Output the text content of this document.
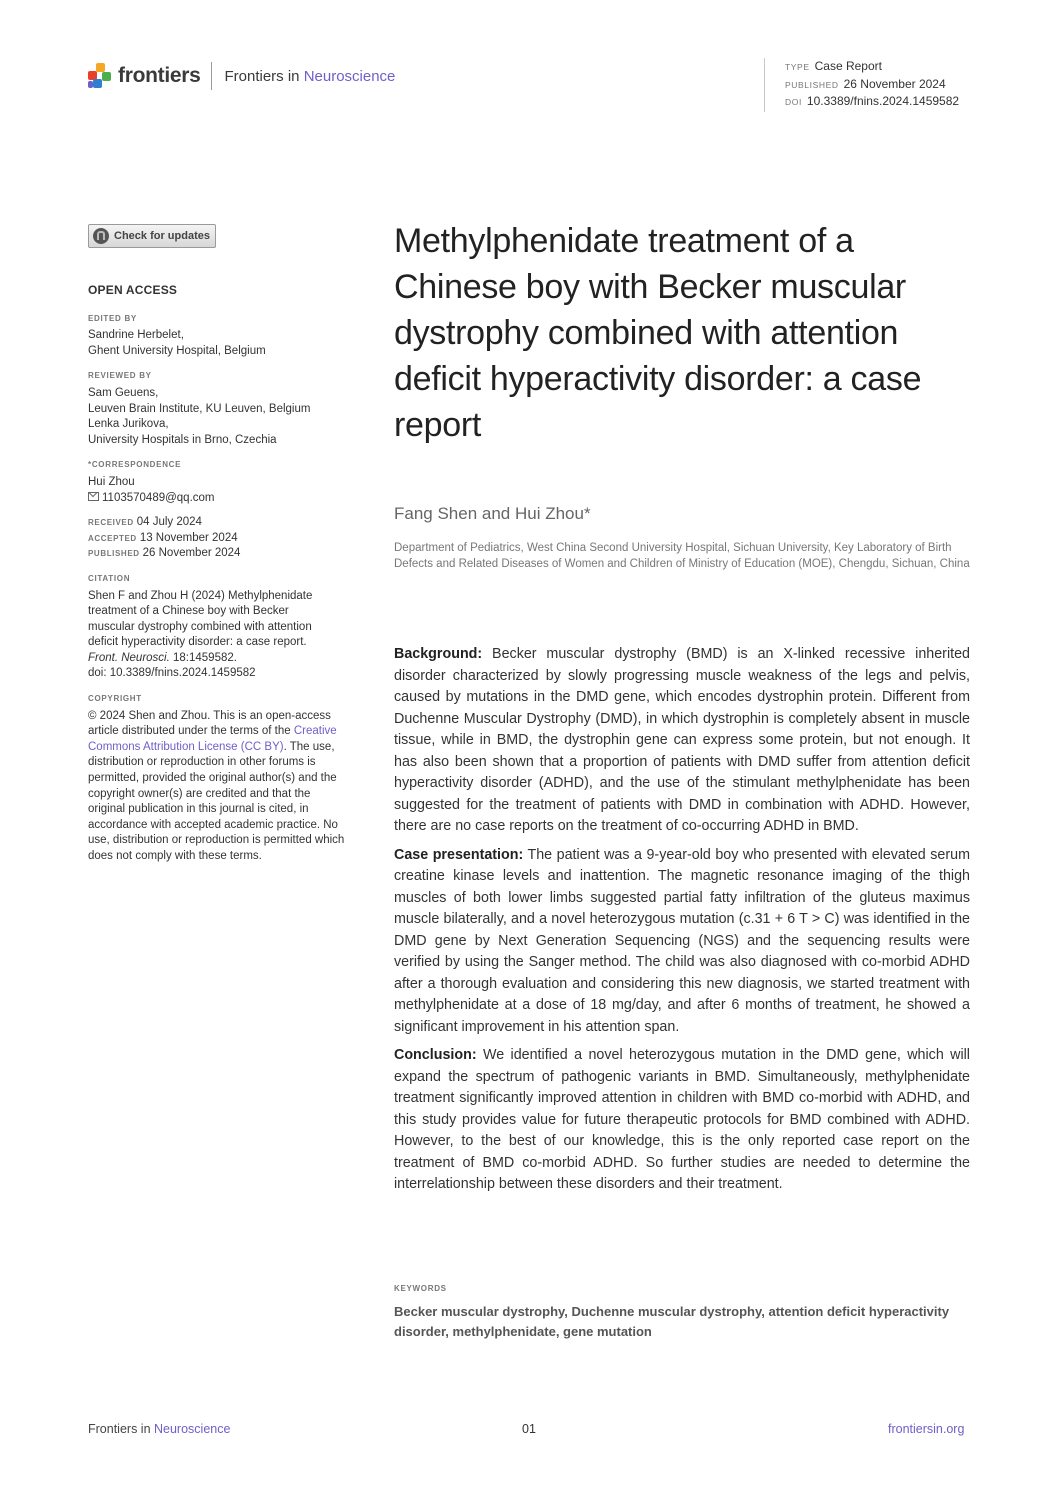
frontiers Frontiers in Neuroscience
TYPE Case Report
PUBLISHED 26 November 2024
DOI 10.3389/fnins.2024.1459582
Check for updates
OPEN ACCESS
EDITED BY
Sandrine Herbelet,
Ghent University Hospital, Belgium
REVIEWED BY
Sam Geuens,
Leuven Brain Institute, KU Leuven, Belgium
Lenka Jurikova,
University Hospitals in Brno, Czechia
*CORRESPONDENCE
Hui Zhou
1103570489@qq.com
RECEIVED 04 July 2024
ACCEPTED 13 November 2024
PUBLISHED 26 November 2024
CITATION
Shen F and Zhou H (2024) Methylphenidate
treatment of a Chinese boy with Becker
muscular dystrophy combined with attention
deficit hyperactivity disorder: a case report.
Front. Neurosci. 18:1459582.
doi: 10.3389/fnins.2024.1459582
COPYRIGHT
© 2024 Shen and Zhou. This is an open-access article distributed under the terms of the Creative Commons Attribution License (CC BY). The use, distribution or reproduction in other forums is permitted, provided the original author(s) and the copyright owner(s) are credited and that the original publication in this journal is cited, in accordance with accepted academic practice. No use, distribution or reproduction is permitted which does not comply with these terms.
Methylphenidate treatment of a Chinese boy with Becker muscular dystrophy combined with attention deficit hyperactivity disorder: a case report
Fang Shen and Hui Zhou*
Department of Pediatrics, West China Second University Hospital, Sichuan University, Key Laboratory of Birth Defects and Related Diseases of Women and Children of Ministry of Education (MOE), Chengdu, Sichuan, China

Background: Becker muscular dystrophy (BMD) is an X-linked recessive inherited disorder characterized by slowly progressing muscle weakness of the legs and pelvis, caused by mutations in the DMD gene, which encodes dystrophin protein. Different from Duchenne Muscular Dystrophy (DMD), in which dystrophin is completely absent in muscle tissue, while in BMD, the dystrophin gene can express some protein, but not enough. It has also been shown that a proportion of patients with DMD suffer from attention deficit hyperactivity disorder (ADHD), and the use of the stimulant methylphenidate has been suggested for the treatment of patients with DMD in combination with ADHD. However, there are no case reports on the treatment of co-occurring ADHD in BMD.

Case presentation: The patient was a 9-year-old boy who presented with elevated serum creatine kinase levels and inattention. The magnetic resonance imaging of the thigh muscles of both lower limbs suggested partial fatty infiltration of the gluteus maximus muscle bilaterally, and a novel heterozygous mutation (c.31 + 6 T > C) was identified in the DMD gene by Next Generation Sequencing (NGS) and the sequencing results were verified by using the Sanger method. The child was also diagnosed with co-morbid ADHD after a thorough evaluation and considering this new diagnosis, we started treatment with methylphenidate at a dose of 18 mg/day, and after 6 months of treatment, he showed a significant improvement in his attention span.

Conclusion: We identified a novel heterozygous mutation in the DMD gene, which will expand the spectrum of pathogenic variants in BMD. Simultaneously, methylphenidate treatment significantly improved attention in children with BMD co-morbid with ADHD, and this study provides value for future therapeutic protocols for BMD combined with ADHD. However, to the best of our knowledge, this is the only reported case report on the treatment of BMD co-morbid ADHD. So further studies are needed to determine the interrelationship between these disorders and their treatment.

KEYWORDS
Becker muscular dystrophy, Duchenne muscular dystrophy, attention deficit hyperactivity disorder, methylphenidate, gene mutation
Frontiers in Neuroscience	01	frontiersin.org
